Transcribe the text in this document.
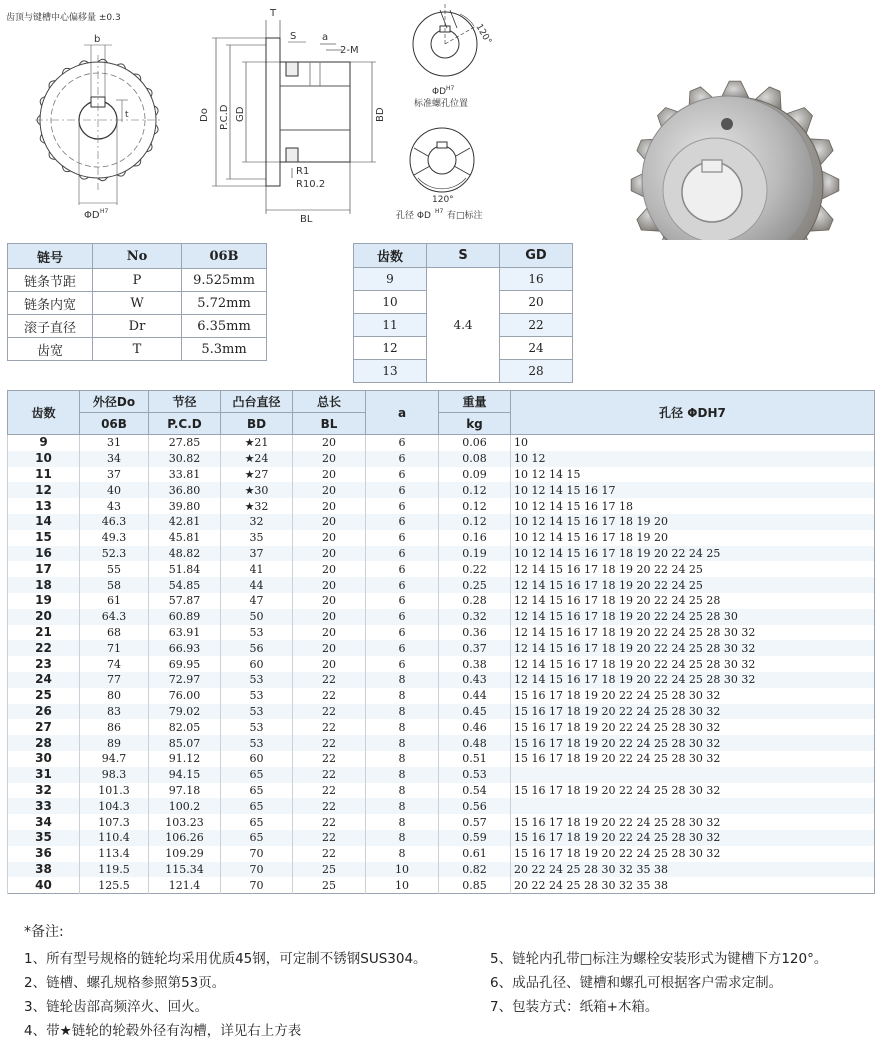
齿顶与键槽中心偏移量 ±0.3
b
t
ΦD H7
T
S	a
2-M
Do P.C.D GD	BD
R1
R10.2
BL
120°
ΦD H7
标准螺孔位置
120°
孔径 ΦD H7 有□标注
链号	No	06B
链条节距	P	9.525mm
链条内宽	W	5.72mm
滚子直径	Dr	6.35mm
齿宽	T	5.3mm
齿数	S	GD
9	4.4	16
10		20
11		22
12		24
13		28
齿数	外径Do	节径	凸台直径	总长	a	重量	孔径 ΦDH7
	06B	P.C.D	BD	BL		kg	
9	31	27.85	★21	20	6	0.06	10
10	34	30.82	★24	20	6	0.08	10 12
11	37	33.81	★27	20	6	0.09	10 12 14 15
12	40	36.80	★30	20	6	0.12	10 12 14 15 16 17
13	43	39.80	★32	20	6	0.12	10 12 14 15 16 17 18
14	46.3	42.81	32	20	6	0.12	10 12 14 15 16 17 18 19 20
15	49.3	45.81	35	20	6	0.16	10 12 14 15 16 17 18 19 20
16	52.3	48.82	37	20	6	0.19	10 12 14 15 16 17 18 19 20 22 24 25
17	55	51.84	41	20	6	0.22	12 14 15 16 17 18 19 20 22 24 25
18	58	54.85	44	20	6	0.25	12 14 15 16 17 18 19 20 22 24 25
19	61	57.87	47	20	6	0.28	12 14 15 16 17 18 19 20 22 24 25 28
20	64.3	60.89	50	20	6	0.32	12 14 15 16 17 18 19 20 22 24 25 28 30
21	68	63.91	53	20	6	0.36	12 14 15 16 17 18 19 20 22 24 25 28 30 32
22	71	66.93	56	20	6	0.37	12 14 15 16 17 18 19 20 22 24 25 28 30 32
23	74	69.95	60	20	6	0.38	12 14 15 16 17 18 19 20 22 24 25 28 30 32
24	77	72.97	53	22	8	0.43	12 14 15 16 17 18 19 20 22 24 25 28 30 32
25	80	76.00	53	22	8	0.44	15 16 17 18 19 20 22 24 25 28 30 32
26	83	79.02	53	22	8	0.45	15 16 17 18 19 20 22 24 25 28 30 32
27	86	82.05	53	22	8	0.46	15 16 17 18 19 20 22 24 25 28 30 32
28	89	85.07	53	22	8	0.48	15 16 17 18 19 20 22 24 25 28 30 32
30	94.7	91.12	60	22	8	0.51	15 16 17 18 19 20 22 24 25 28 30 32
31	98.3	94.15	65	22	8	0.53	
32	101.3	97.18	65	22	8	0.54	15 16 17 18 19 20 22 24 25 28 30 32
33	104.3	100.2	65	22	8	0.56	
34	107.3	103.23	65	22	8	0.57	15 16 17 18 19 20 22 24 25 28 30 32
35	110.4	106.26	65	22	8	0.59	15 16 17 18 19 20 22 24 25 28 30 32
36	113.4	109.29	70	22	8	0.61	15 16 17 18 19 20 22 24 25 28 30 32
38	119.5	115.34	70	25	10	0.82	20 22 24 25 28 30 32 35 38
40	125.5	121.4	70	25	10	0.85	20 22 24 25 28 30 32 35 38
*备注:
1、所有型号规格的链轮均采用优质45钢，可定制不锈钢SUS304。
2、链槽、螺孔规格参照第53页。
3、链轮齿部高频淬火、回火。
4、带★链轮的轮毂外径有沟槽，详见右上方表
5、链轮内孔带□标注为螺栓安装形式为键槽下方120°。
6、成品孔径、键槽和螺孔可根据客户需求定制。
7、包装方式：纸箱+木箱。
